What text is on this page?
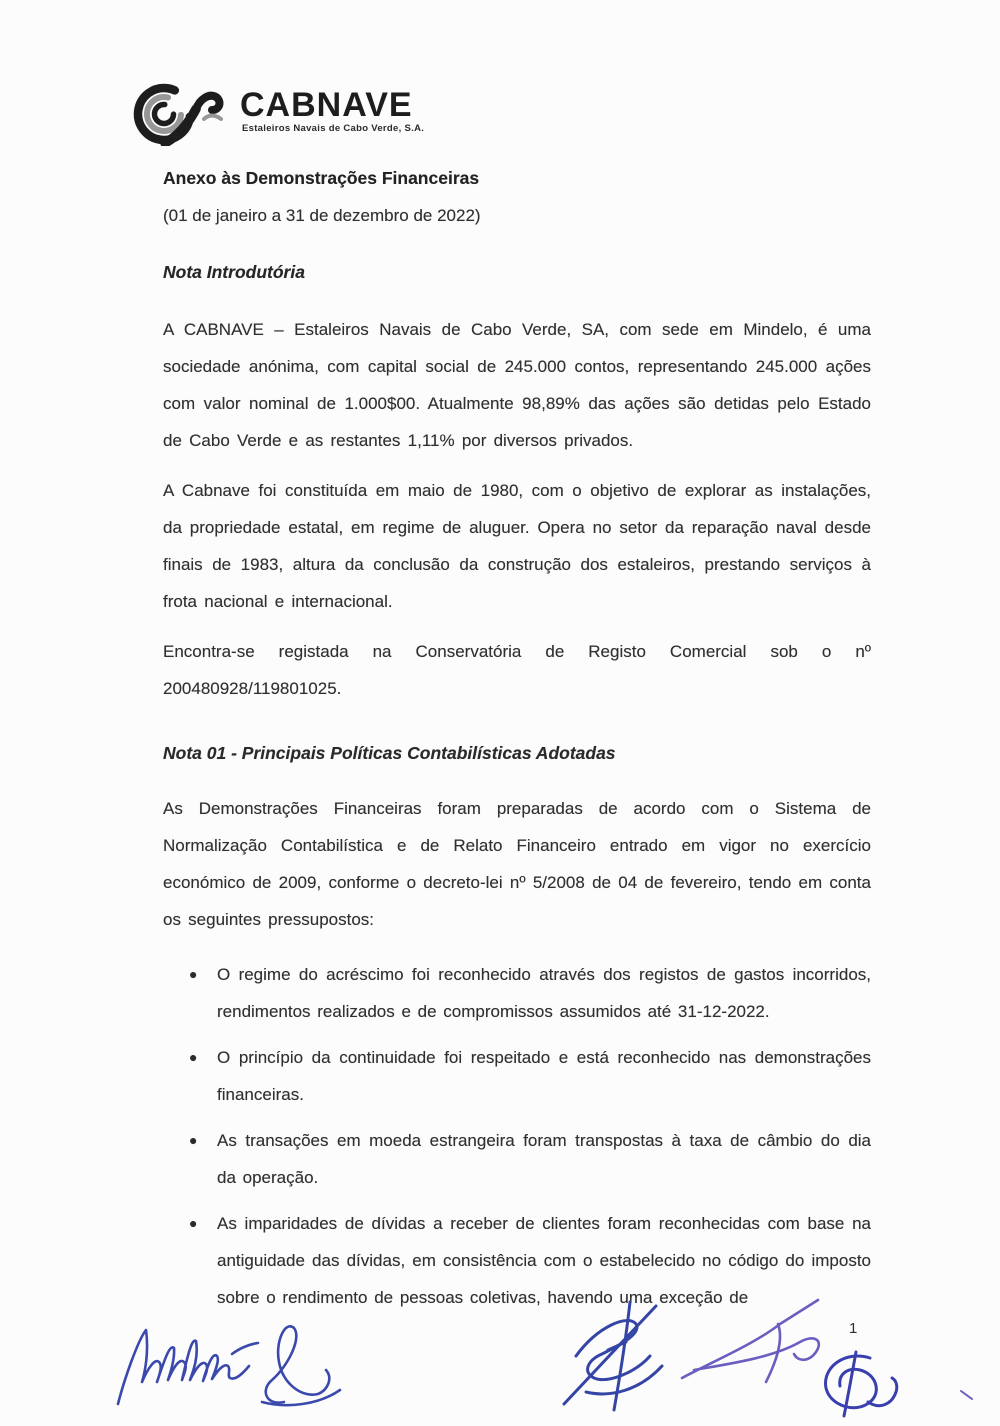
CABNAVE
Estaleiros Navais de Cabo Verde, S.A.
Anexo às Demonstrações Financeiras

(01 de janeiro a 31 de dezembro de 2022)

Nota Introdutória

A CABNAVE – Estaleiros Navais de Cabo Verde, SA, com sede em Mindelo, é uma sociedade anónima, com capital social de 245.000 contos, representando 245.000 ações com valor nominal de 1.000$00. Atualmente 98,89% das ações são detidas pelo Estado de Cabo Verde e as restantes 1,11% por diversos privados.

A Cabnave foi constituída em maio de 1980, com o objetivo de explorar as instalações, da propriedade estatal, em regime de aluguer. Opera no setor da reparação naval desde finais de 1983, altura da conclusão da construção dos estaleiros, prestando serviços à frota nacional e internacional.

Encontra-se registada na Conservatória de Registo Comercial sob o nº
200480928/119801025.

Nota 01 - Principais Políticas Contabilísticas Adotadas

As Demonstrações Financeiras foram preparadas de acordo com o Sistema de Normalização Contabilística e de Relato Financeiro entrado em vigor no exercício económico de 2009, conforme o decreto-lei nº 5/2008 de 04 de fevereiro, tendo em conta os seguintes pressupostos:

●	O regime do acréscimo foi reconhecido através dos registos de gastos incorridos, rendimentos realizados e de compromissos assumidos até 31-12-2022.
●	O princípio da continuidade foi respeitado e está reconhecido nas demonstrações financeiras.
●	As transações em moeda estrangeira foram transpostas à taxa de câmbio do dia da operação.
●	As imparidades de dívidas a receber de clientes foram reconhecidas com base na antiguidade das dívidas, em consistência com o estabelecido no código do imposto sobre o rendimento de pessoas coletivas, havendo uma exceção de
1
